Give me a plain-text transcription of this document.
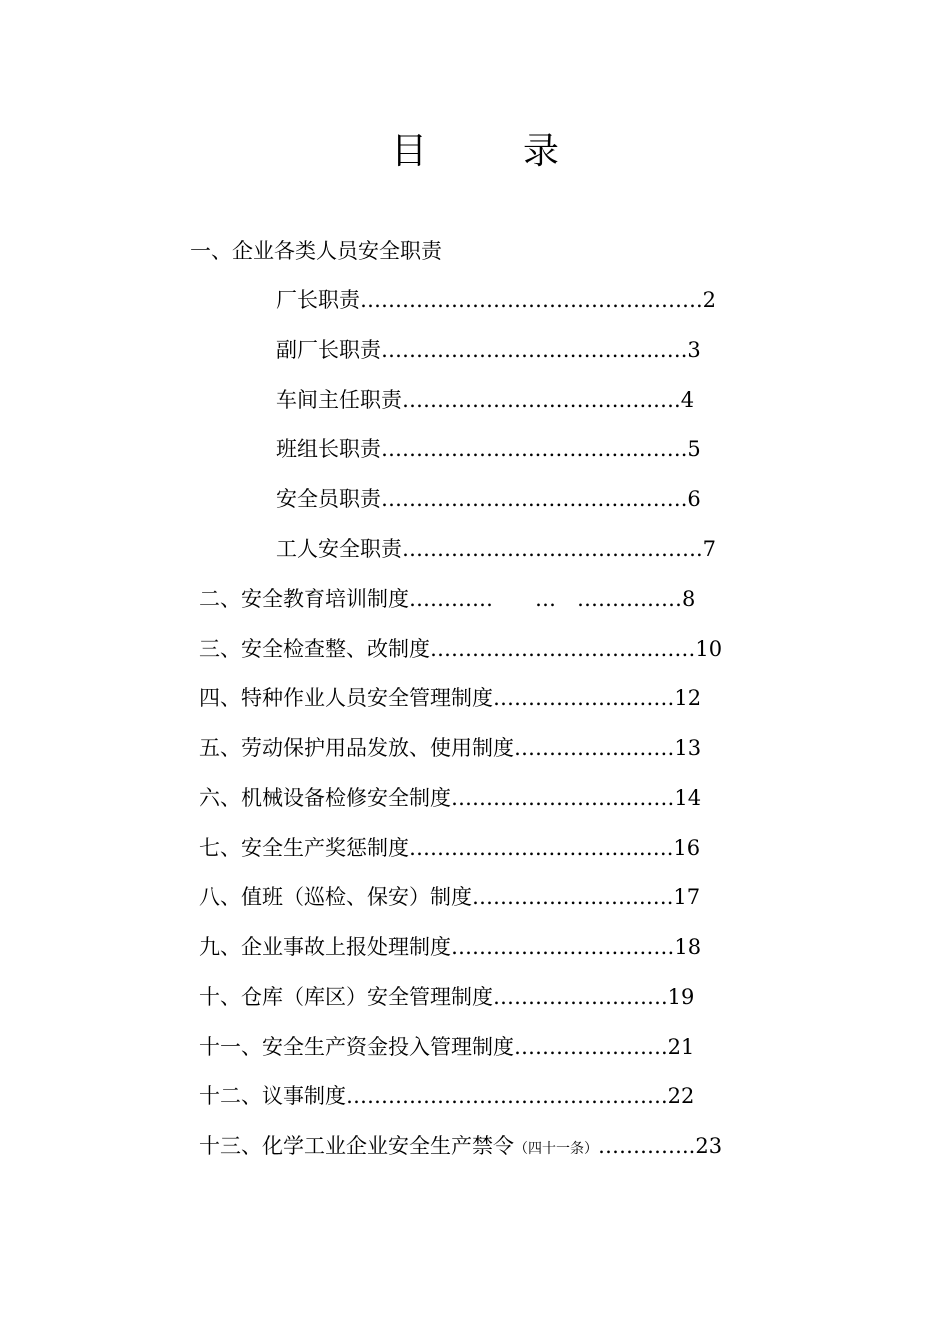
目　录
一、企业各类人员安全职责
厂长职责………………………………………….2
副厂长职责…………………….…………...….3
车间主任职责………………….……….….….4
班组长职责…………………..…………..…….5
安全员职责…………………..…………..…….6
工人安全职责…………………………………….7
二、安全教育培训制度…………　　…　……………8
三、安全检查整、改制度…………………………..……10
四、特种作业人员安全管理制度………………..……12
五、劳动保护用品发放、使用制度……………..……13
六、机械设备检修安全制度……………………..……14
七、安全生产奖惩制度………………..…………..….16
八、值班（巡检、保安）制度………….…..…….….17
九、企业事故上报处理制度……………..……………18
十、仓库（库区）安全管理制度…………………….19
十一、安全生产资金投入管理制度………………….21
十二、议事制度……………………………………….22
十三、化学工业企业安全生产禁令（四十一条）…………..23
